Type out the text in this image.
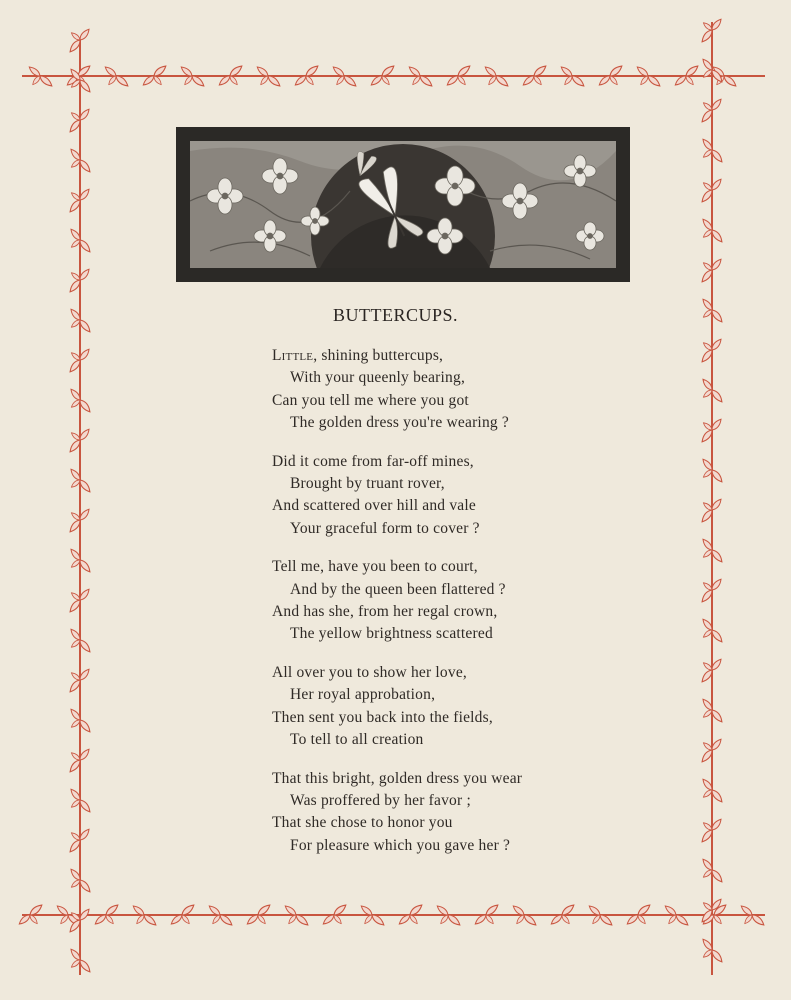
BUTTERCUPS.
Little, shining buttercups,
With your queenly bearing,
Can you tell me where you got
The golden dress you're wearing ?
Did it come from far-off mines,
Brought by truant rover,
And scattered over hill and vale
Your graceful form to cover ?
Tell me, have you been to court,
And by the queen been flattered ?
And has she, from her regal crown,
The yellow brightness scattered
All over you to show her love,
Her royal approbation,
Then sent you back into the fields,
To tell to all creation
That this bright, golden dress you wear
Was proffered by her favor ;
That she chose to honor you
For pleasure which you gave her ?
